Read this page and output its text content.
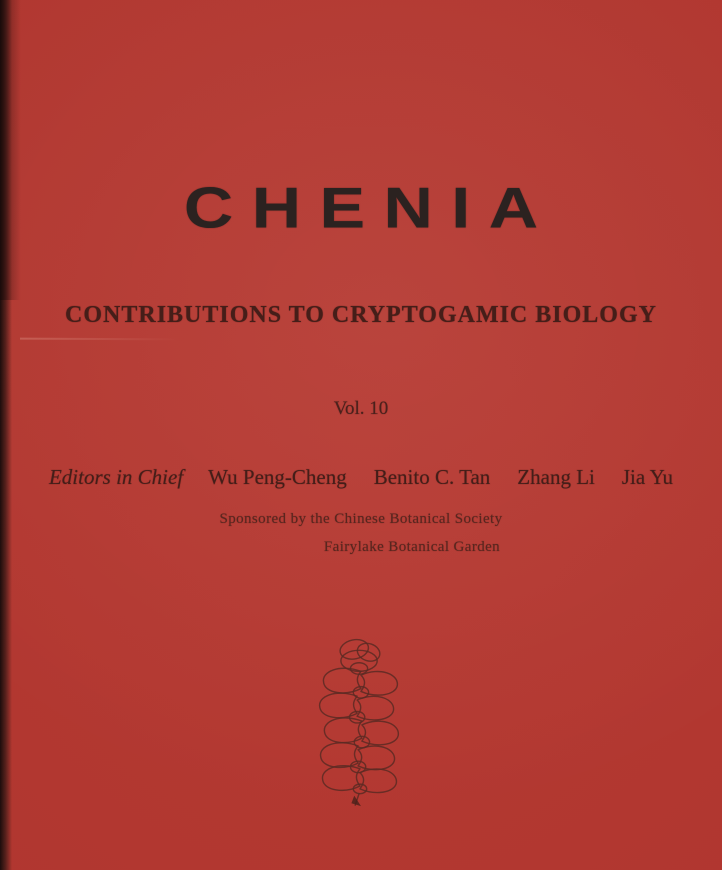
CHENIA
CONTRIBUTIONS TO CRYPTOGAMIC BIOLOGY
Vol. 10
Editors in Chief Wu Peng-Cheng Benito C. Tan Zhang Li Jia Yu
Sponsored by the Chinese Botanical Society
Fairylake Botanical Garden
